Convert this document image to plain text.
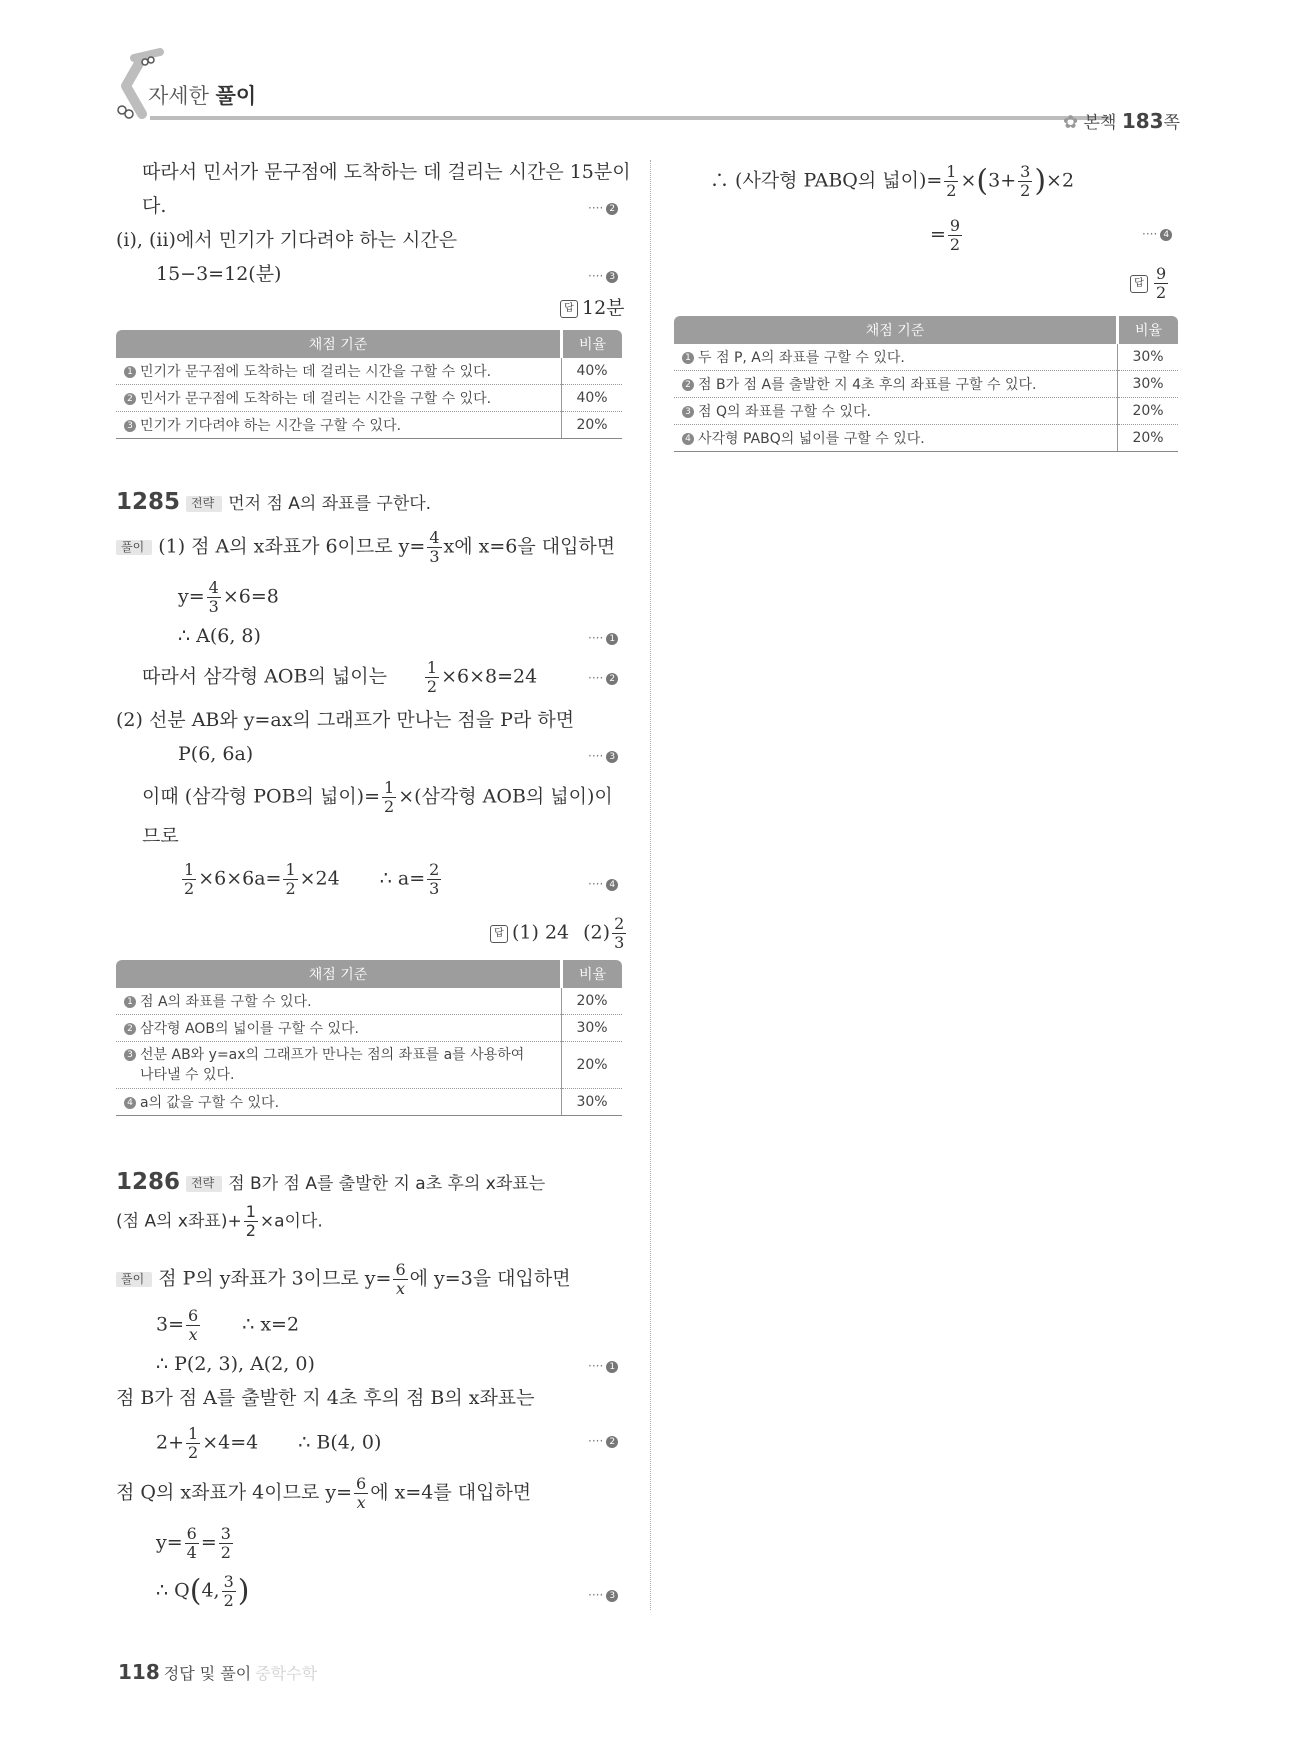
자세한 풀이
✿ 본책 183쪽
따라서 민서가 문구점에 도착하는 데 걸리는 시간은 15분이
다.	···· 2
(ⅰ), (ⅱ)에서 민기가 기다려야 하는 시간은
15−3=12(분)	···· 3
답 12분
채점 기준	비율
1 민기가 문구점에 도착하는 데 걸리는 시간을 구할 수 있다.	40%
2 민서가 문구점에 도착하는 데 걸리는 시간을 구할 수 있다.	40%
3 민기가 기다려야 하는 시간을 구할 수 있다.	20%
1285 전략 먼저 점 A의 좌표를 구한다.
풀이 (1) 점 A의 x좌표가 6이므로 $y= \frac{4}{3}$ x에 x=6을 대입하면
$y= \frac{4}{3} \times 6=8$
∴ A(6, 8)	···· 1
따라서 삼각형 AOB의 넓이는 $\frac{1}{2} \times 6\times 8=24$	···· 2
(2) 선분 AB와 y=ax의 그래프가 만나는 점을 P라 하면
P(6, 6a)	···· 3
이때 (삼각형 POB의 넓이)= $\frac{1}{2}$ ×(삼각형 AOB의 넓이)이
므로
$\frac{1}{2} \times 6\times 6a= \frac{1}{2} \times 24$ ∴ $a= \frac{2}{3}$	···· 4
답 (1) 24 $(2) \frac{2}{3}$
채점 기준	비율
1 점 A의 좌표를 구할 수 있다.	20%
2 삼각형 AOB의 넓이를 구할 수 있다.	30%
3 선분 AB와 y=ax의 그래프가 만나는 점의 좌표를 a를 사용하여
나타낼 수 있다.	20%
4 a의 값을 구할 수 있다.	30%
1286 전략 점 B가 점 A를 출발한 지 a초 후의 x좌표는
(점 A의 x좌표)+ $\frac{1}{2} \times a$이다.
풀이 점 P의 y좌표가 3이므로 $y= \frac{6}{x}$ 에 y=3을 대입하면
$3= \frac{6}{x}$ ∴ x=2
∴ P(2, 3), A(2, 0)	···· 1
점 B가 점 A를 출발한 지 4초 후의 점 B의 x좌표는
$2+ \frac{1}{2} \times 4=4$ ∴ B(4, 0)	···· 2
점 Q의 x좌표가 4이므로 $y= \frac{6}{x}$ 에 x=4를 대입하면
$y= \frac{6}{4} = \frac{3}{2}$
∴ Q(4, $\frac{3}{2}$ )	···· 3
∴ (사각형 PABQ의 넓이)= $\frac{1}{2} \times(3+ \frac{3}{2} )\times 2$
= $\frac{9}{2}$	···· 4
답 $\frac{9}{2}$
채점 기준	비율
1 두 점 P, A의 좌표를 구할 수 있다.	30%
2 점 B가 점 A를 출발한 지 4초 후의 좌표를 구할 수 있다.	30%
3 점 Q의 좌표를 구할 수 있다.	20%
4 사각형 PABQ의 넓이를 구할 수 있다.	20%
118 정답 및 풀이 중학수학
